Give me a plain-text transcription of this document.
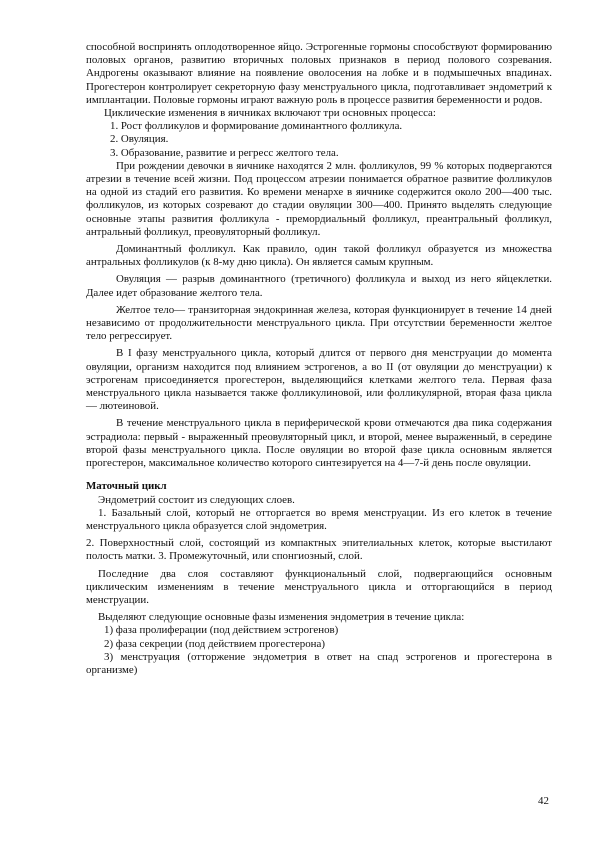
способной воспринять оплодотворенное яйцо. Эстрогенные гормоны способствуют формированию половых органов, развитию вторичных половых признаков в период полового созревания. Андрогены оказывают влияние на появление оволосения на лобке и в подмышечных впадинах. Прогестерон контролирует секреторную фазу менструального цикла, подготавливает эндометрий к имплантации. Половые гормоны играют важную роль в процессе развития беременности и родов.

Циклические изменения в яичниках включают три основных процесса:

1. Рост фолликулов и формирование доминантного фолликула.

2. Овуляция.

3. Образование, развитие и регресс желтого тела.

При рождении девочки в яичнике находятся 2 млн. фолликулов, 99 % которых подвергаются атрезии в течение всей жизни. Под процессом атрезии понимается обратное развитие фолликулов на одной из стадий его развития. Ко времени менархе в яичнике содержится около 200—400 тыс. фолликулов, из которых созревают до стадии овуляции 300—400. Принято выделять следующие основные этапы развития фолликула - премордиальный фолликул, преантральный фолликул, антральный фолликул, преовуляторный фолликул.

Доминантный фолликул. Как правило, один такой фолликул образуется из множества антральных фолликулов (к 8-му дню цикла). Он является самым крупным.

Овуляция — разрыв доминантного (третичного) фолликула и выход из него яйцеклетки. Далее идет образование желтого тела.

Желтое тело— транзиторная эндокринная железа, которая функционирует в течение 14 дней независимо от продолжительности менструального цикла. При отсутствии беременности желтое тело регрессирует.

В I фазу менструального цикла, который длится от первого дня менструации до момента овуляции, организм находится под влиянием эстрогенов, а во II (от овуляции до менструации) к эстрогенам присоединяется прогестерон, выделяющийся клетками желтого тела. Первая фаза менструального цикла называется также фолликулиновой, или фолликулярной, вторая фаза цикла — лютеиновой.

В течение менструального цикла в периферической крови отмечаются два пика содержания эстрадиола: первый - выраженный преовуляторный цикл, и второй, менее выраженный, в середине второй фазы менструального цикла. После овуляции во второй фазе цикла основным является прогестерон, максимальное количество которого синтезируется на 4—7-й день после овуляции.

Маточный цикл

Эндометрий состоит из следующих слоев.

1. Базальный слой, который не отторгается во время менструации. Из его клеток в течение менструального цикла образуется слой эндометрия.

2. Поверхностный слой, состоящий из компактных эпителиальных клеток, которые выстилают полость матки. 3. Промежуточный, или спонгиозный, слой.

Последние два слоя составляют функциональный слой, подвергающийся основным циклическим изменениям в течение менструального цикла и отторгающийся в период менструации.

Выделяют следующие основные фазы изменения эндометрия в течение цикла:

1) фаза пролиферации (под действием эстрогенов)

2) фаза секреции (под действием прогестерона)

3) менструация (отторжение эндометрия в ответ на спад эстрогенов и прогестерона в организме)

42
